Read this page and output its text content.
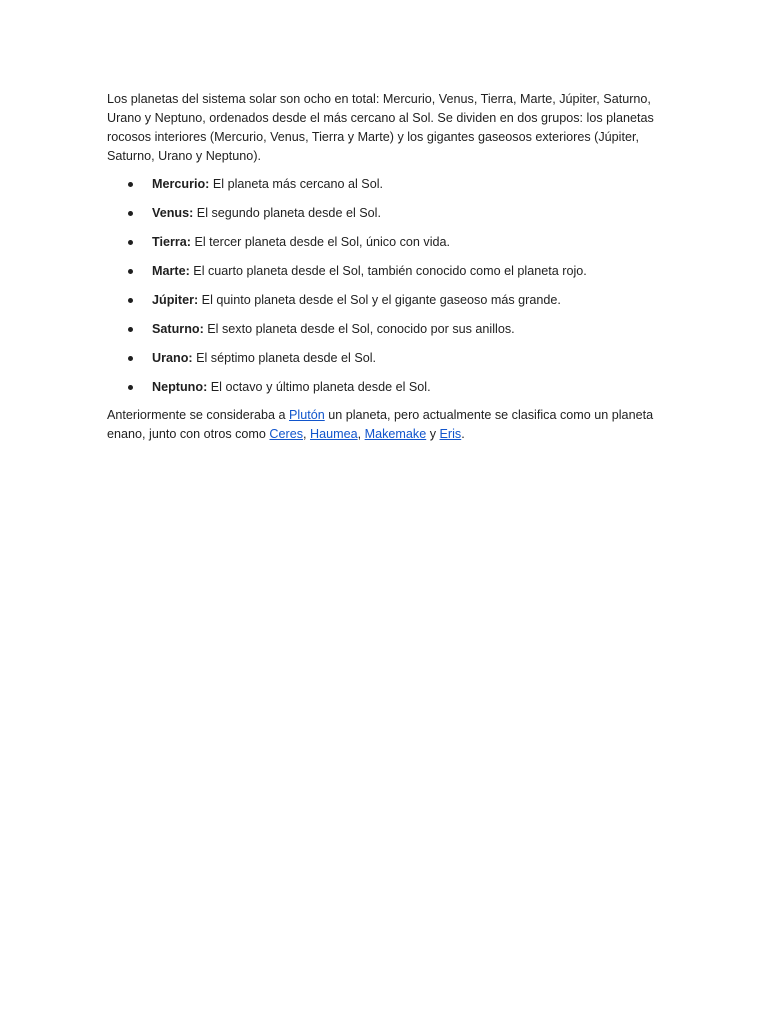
Los planetas del sistema solar son ocho en total: Mercurio, Venus, Tierra, Marte, Júpiter, Saturno, Urano y Neptuno, ordenados desde el más cercano al Sol. Se dividen en dos grupos: los planetas rocosos interiores (Mercurio, Venus, Tierra y Marte) y los gigantes gaseosos exteriores (Júpiter, Saturno, Urano y Neptuno).

Mercurio: El planeta más cercano al Sol.
Venus: El segundo planeta desde el Sol.
Tierra: El tercer planeta desde el Sol, único con vida.
Marte: El cuarto planeta desde el Sol, también conocido como el planeta rojo.
Júpiter: El quinto planeta desde el Sol y el gigante gaseoso más grande.
Saturno: El sexto planeta desde el Sol, conocido por sus anillos.
Urano: El séptimo planeta desde el Sol.
Neptuno: El octavo y último planeta desde el Sol.

Anteriormente se consideraba a Plutón un planeta, pero actualmente se clasifica como un planeta enano, junto con otros como Ceres, Haumea, Makemake y Eris.
